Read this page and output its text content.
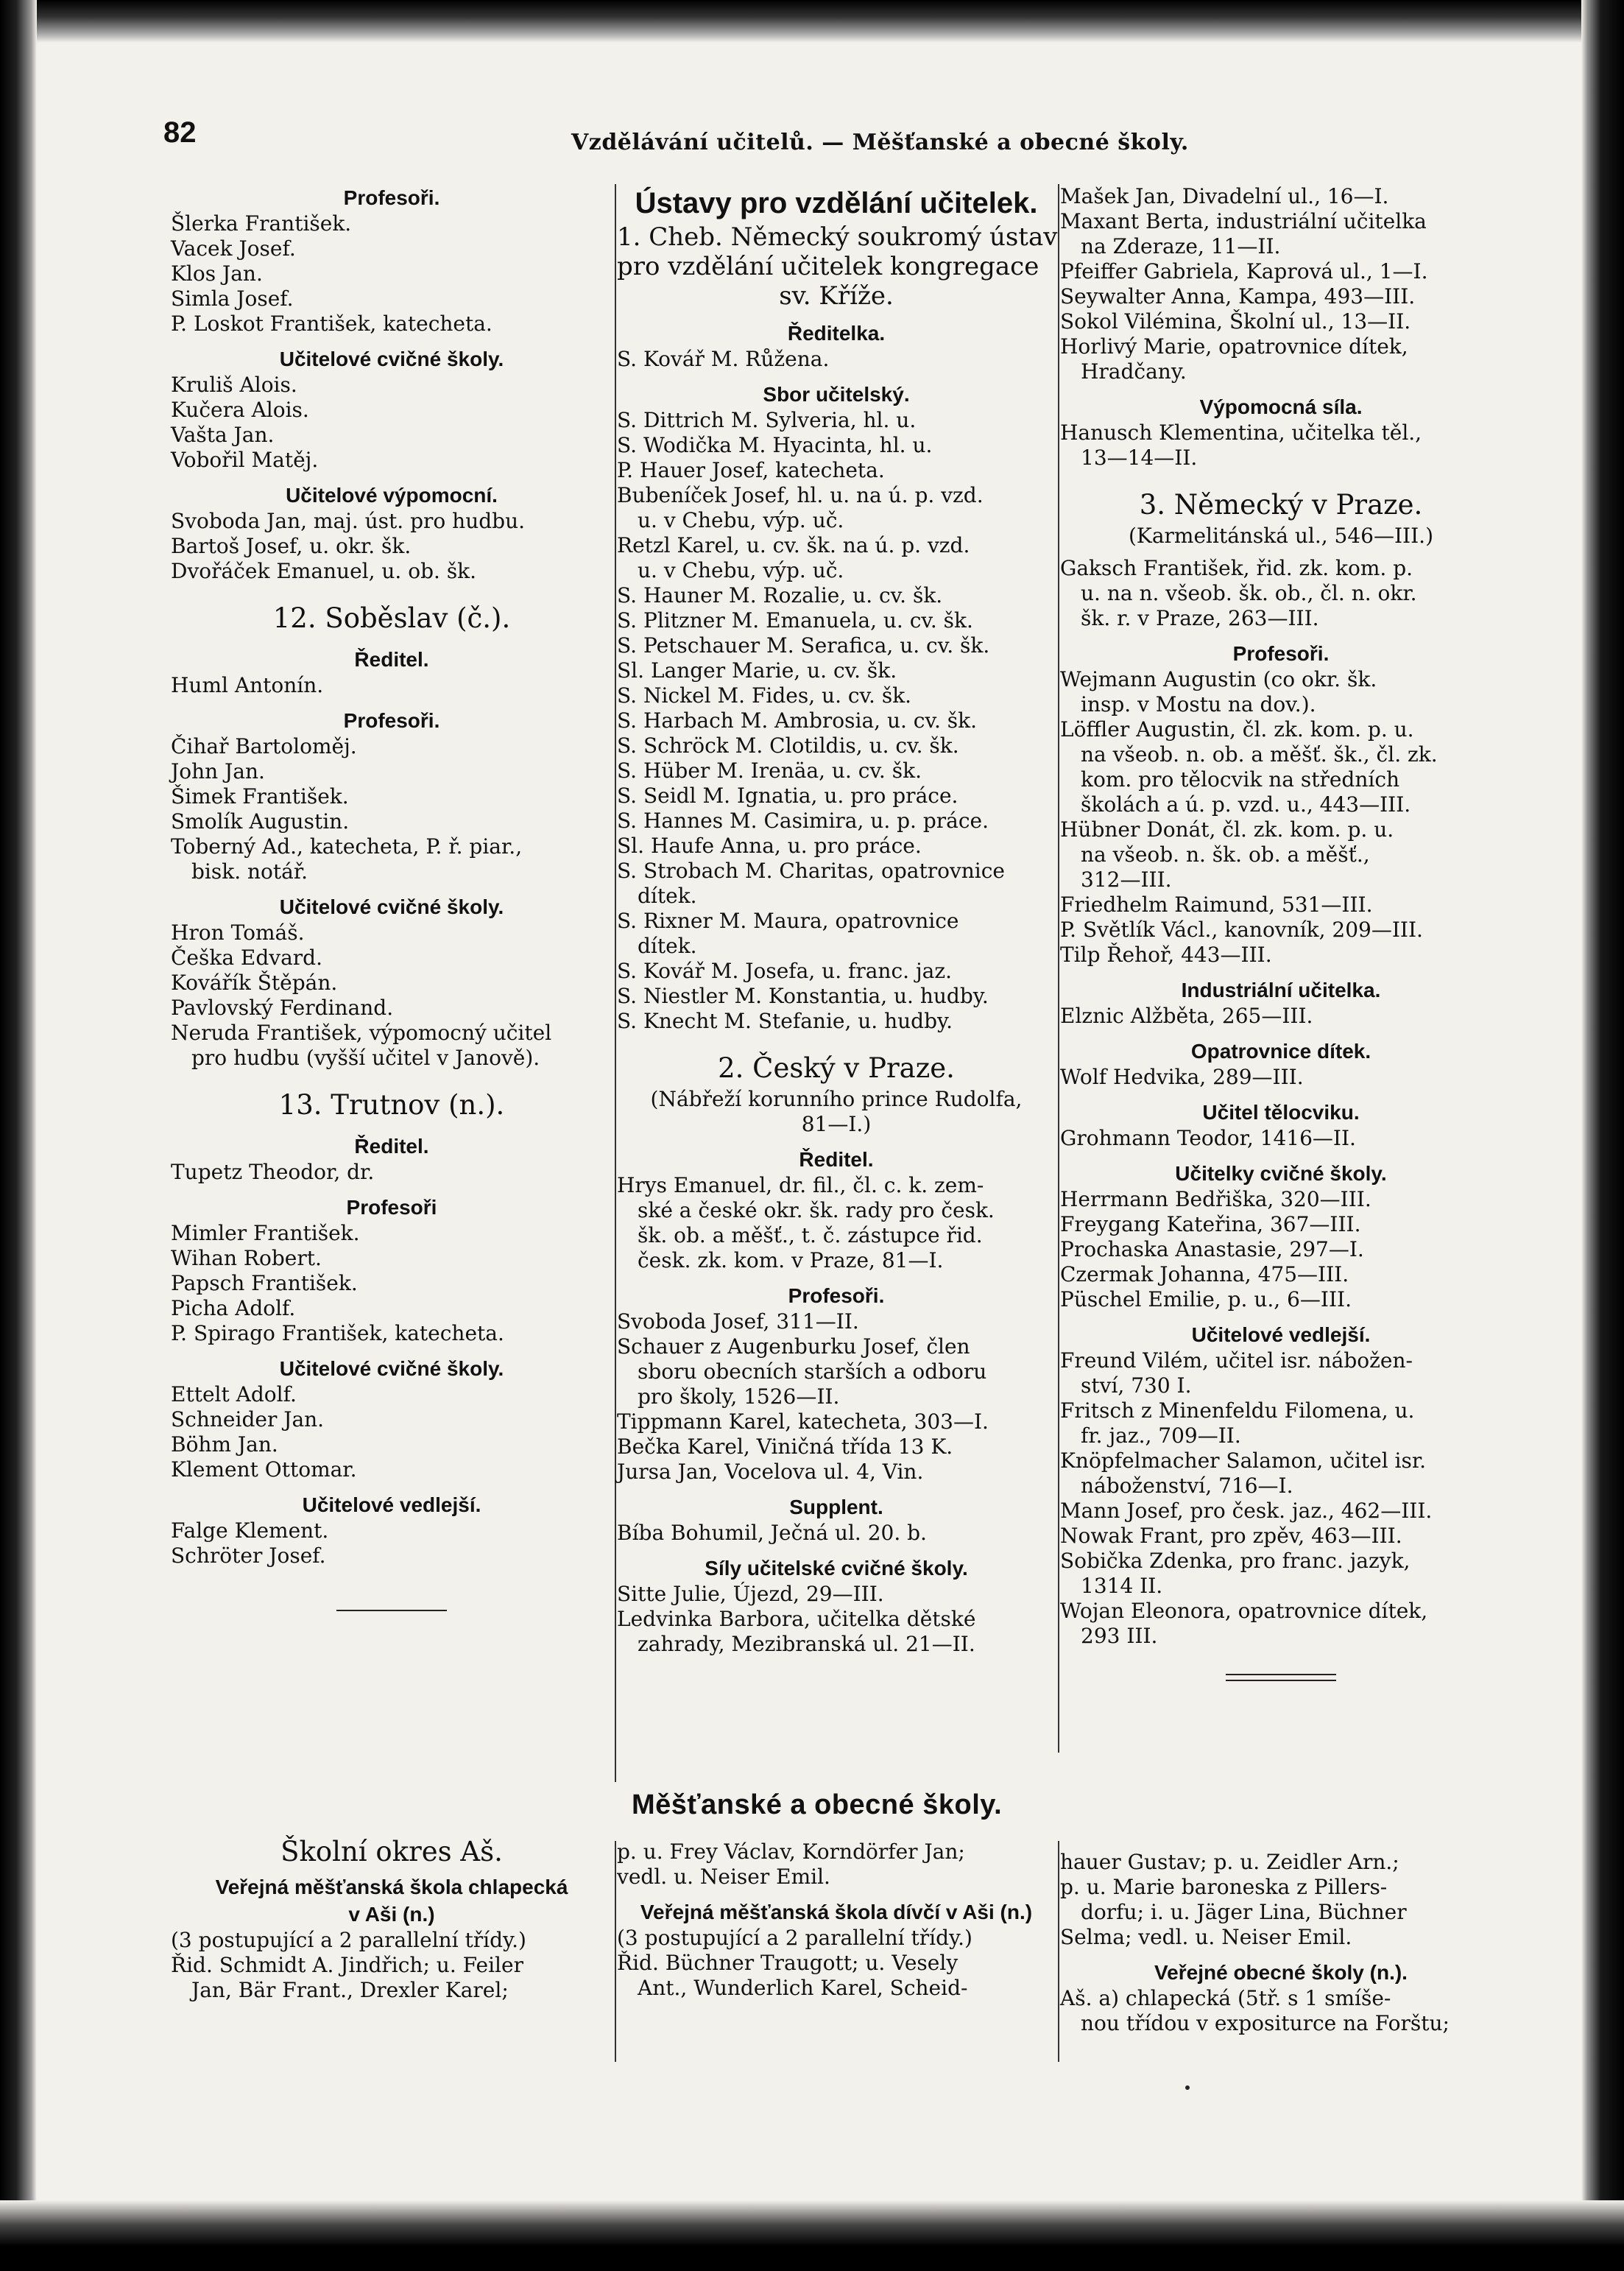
82	Vzdělávání učitelů. — Měšťanské a obecné školy.
Profesoři.
Šlerka František.
Vacek Josef.
Klos Jan.
Simla Josef.
P. Loskot František, katecheta.
Učitelové cvičné školy.
Kruliš Alois.
Kučera Alois.
Vašta Jan.
Vobořil Matěj.
Učitelové výpomocní.
Svoboda Jan, maj. úst. pro hudbu.
Bartoš Josef, u. okr. šk.
Dvořáček Emanuel, u. ob. šk.
12. Soběslav (č.).
Ředitel.
Huml Antonín.
Profesoři.
Čihař Bartoloměj.
John Jan.
Šimek František.
Smolík Augustin.
Toberný Ad., katecheta, P. ř. piar.,
bisk. notář.
Učitelové cvičné školy.
Hron Tomáš.
Češka Edvard.
Kovářík Štěpán.
Pavlovský Ferdinand.
Neruda František, výpomocný učitel
pro hudbu (vyšší učitel v Janově).
13. Trutnov (n.).
Ředitel.
Tupetz Theodor, dr.
Profesoři
Mimler František.
Wihan Robert.
Papsch František.
Picha Adolf.
P. Spirago František, katecheta.
Učitelové cvičné školy.
Ettelt Adolf.
Schneider Jan.
Böhm Jan.
Klement Ottomar.
Učitelové vedlejší.
Falge Klement.
Schröter Josef.
Ústavy pro vzdělání učitelek.
1. Cheb. Německý soukromý ústav
pro vzdělání učitelek kongregace
sv. Kříže.
Ředitelka.
S. Kovář M. Růžena.
Sbor učitelský.
S. Dittrich M. Sylveria, hl. u.
S. Wodička M. Hyacinta, hl. u.
P. Hauer Josef, katecheta.
Bubeníček Josef, hl. u. na ú. p. vzd.
u. v Chebu, výp. uč.
Retzl Karel, u. cv. šk. na ú. p. vzd.
u. v Chebu, výp. uč.
S. Hauner M. Rozalie, u. cv. šk.
S. Plitzner M. Emanuela, u. cv. šk.
S. Petschauer M. Serafica, u. cv. šk.
Sl. Langer Marie, u. cv. šk.
S. Nickel M. Fides, u. cv. šk.
S. Harbach M. Ambrosia, u. cv. šk.
S. Schröck M. Clotildis, u. cv. šk.
S. Hüber M. Irenäa, u. cv. šk.
S. Seidl M. Ignatia, u. pro práce.
S. Hannes M. Casimira, u. p. práce.
Sl. Haufe Anna, u. pro práce.
S. Strobach M. Charitas, opatrovnice
dítek.
S. Rixner M. Maura, opatrovnice
dítek.
S. Kovář M. Josefa, u. franc. jaz.
S. Niestler M. Konstantia, u. hudby.
S. Knecht M. Stefanie, u. hudby.
2. Český v Praze.
(Nábřeží korunního prince Rudolfa,
81—I.)
Ředitel.
Hrys Emanuel, dr. fil., čl. c. k. zem-
ské a české okr. šk. rady pro česk.
šk. ob. a měšť., t. č. zástupce řid.
česk. zk. kom. v Praze, 81—I.
Profesoři.
Svoboda Josef, 311—II.
Schauer z Augenburku Josef, člen
sboru obecních starších a odboru
pro školy, 1526—II.
Tippmann Karel, katecheta, 303—I.
Bečka Karel, Viničná třída 13 K.
Jursa Jan, Vocelova ul. 4, Vin.
Supplent.
Bíba Bohumil, Ječná ul. 20. b.
Síly učitelské cvičné školy.
Sitte Julie, Újezd, 29—III.
Ledvinka Barbora, učitelka dětské
zahrady, Mezibranská ul. 21—II.
Mašek Jan, Divadelní ul., 16—I.
Maxant Berta, industriální učitelka
na Zderaze, 11—II.
Pfeiffer Gabriela, Kaprová ul., 1—I.
Seywalter Anna, Kampa, 493—III.
Sokol Vilémina, Školní ul., 13—II.
Horlivý Marie, opatrovnice dítek,
Hradčany.
Výpomocná síla.
Hanusch Klementina, učitelka těl.,
13—14—II.
3. Německý v Praze.
(Karmelitánská ul., 546—III.)
Gaksch František, řid. zk. kom. p.
u. na n. všeob. šk. ob., čl. n. okr.
šk. r. v Praze, 263—III.
Profesoři.
Wejmann Augustin (co okr. šk.
insp. v Mostu na dov.).
Löffler Augustin, čl. zk. kom. p. u.
na všeob. n. ob. a měšť. šk., čl. zk.
kom. pro tělocvik na středních
školách a ú. p. vzd. u., 443—III.
Hübner Donát, čl. zk. kom. p. u.
na všeob. n. šk. ob. a měšť.,
312—III.
Friedhelm Raimund, 531—III.
P. Světlík Václ., kanovník, 209—III.
Tilp Řehoř, 443—III.
Industriální učitelka.
Elznic Alžběta, 265—III.
Opatrovnice dítek.
Wolf Hedvika, 289—III.
Učitel tělocviku.
Grohmann Teodor, 1416—II.
Učitelky cvičné školy.
Herrmann Bedřiška, 320—III.
Freygang Kateřina, 367—III.
Prochaska Anastasie, 297—I.
Czermak Johanna, 475—III.
Püschel Emilie, p. u., 6—III.
Učitelové vedlejší.
Freund Vilém, učitel isr. nábožen-
ství, 730 I.
Fritsch z Minenfeldu Filomena, u.
fr. jaz., 709—II.
Knöpfelmacher Salamon, učitel isr.
náboženství, 716—I.
Mann Josef, pro česk. jaz., 462—III.
Nowak Frant, pro zpěv, 463—III.
Sobička Zdenka, pro franc. jazyk,
1314 II.
Wojan Eleonora, opatrovnice dítek,
293 III.
Měšťanské a obecné školy.
Školní okres Aš.
Veřejná měšťanská škola chlapecká
v Aši (n.)
(3 postupující a 2 parallelní třídy.)
Řid. Schmidt A. Jindřich; u. Feiler
Jan, Bär Frant., Drexler Karel;
p. u. Frey Václav, Korndörfer Jan;
vedl. u. Neiser Emil.
Veřejná měšťanská škola dívčí v Aši (n.)
(3 postupující a 2 parallelní třídy.)
Řid. Büchner Traugott; u. Vesely
Ant., Wunderlich Karel, Scheid-
hauer Gustav; p. u. Zeidler Arn.;
p. u. Marie baroneska z Pillers-
dorfu; i. u. Jäger Lina, Büchner
Selma; vedl. u. Neiser Emil.
Veřejné obecné školy (n.).
Aš. a) chlapecká (5tř. s 1 smíše-
nou třídou v expositurce na Forštu;
